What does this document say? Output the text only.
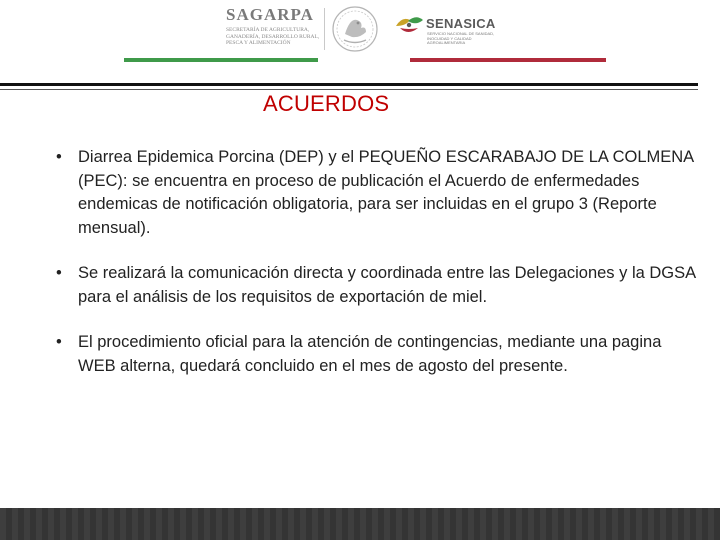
SAGARPA
SECRETARÍA DE AGRICULTURA,
GANADERÍA, DESARROLLO RURAL,
PESCA Y ALIMENTACIÓN
SENASICA
SERVICIO NACIONAL DE SANIDAD,
INOCUIDAD Y CALIDAD
AGROALIMENTARIA
ACUERDOS
• Diarrea Epidemica Porcina (DEP) y el PEQUEÑO ESCARABAJO DE LA COLMENA (PEC): se encuentra en proceso de publicación el Acuerdo de enfermedades endemicas de notificación obligatoria, para ser incluidas en el grupo 3 (Reporte mensual).
• Se realizará la comunicación directa y coordinada entre las Delegaciones y la DGSA para el análisis de los requisitos de exportación de miel.
• El procedimiento oficial para la atención de contingencias, mediante una pagina WEB alterna, quedará concluido en el mes de agosto del presente.
